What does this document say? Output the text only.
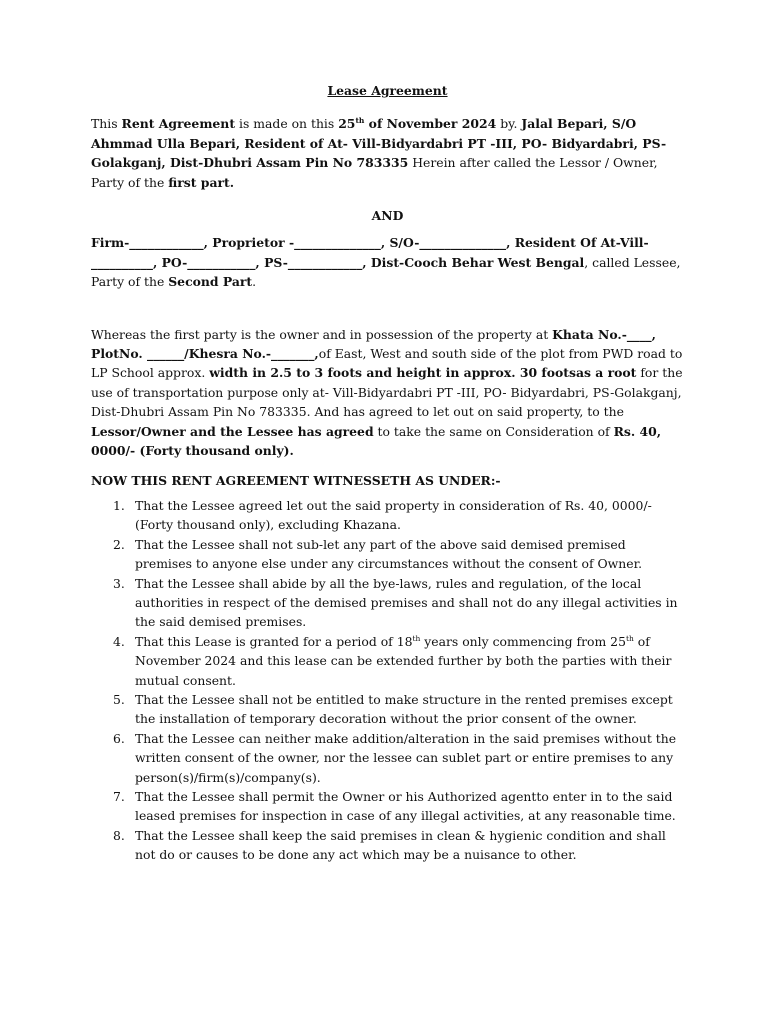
Lease Agreement

This Rent Agreement is made on this 25th of November 2024 by. Jalal Bepari, S/O Ahmmad Ulla Bepari, Resident of At- Vill-Bidyardabri PT -III, PO- Bidyardabri, PS-Golakganj, Dist-Dhubri Assam Pin No 783335 Herein after called the Lessor / Owner, Party of the first part.

AND

Firm-____________, Proprietor -______________, S/O-______________, Resident Of At-Vill-__________, PO-___________, PS-____________, Dist-Cooch Behar West Bengal, called Lessee, Party of the Second Part.

Whereas the first party is the owner and in possession of the property at Khata No.-____, PlotNo. ______/Khesra No.-_______,of East, West and south side of the plot from PWD road to LP School approx. width in 2.5 to 3 foots and height in approx. 30 footsas a root for the use of transportation purpose only at- Vill-Bidyardabri PT -III, PO- Bidyardabri, PS-Golakganj, Dist-Dhubri Assam Pin No 783335. And has agreed to let out on said property, to the Lessor/Owner and the Lessee has agreed to take the same on Consideration of Rs. 40, 0000/- (Forty thousand only).

NOW THIS RENT AGREEMENT WITNESSETH AS UNDER:-

1. That the Lessee agreed let out the said property in consideration of Rs. 40, 0000/- (Forty thousand only), excluding Khazana.
2. That the Lessee shall not sub-let any part of the above said demised premised premises to anyone else under any circumstances without the consent of Owner.
3. That the Lessee shall abide by all the bye-laws, rules and regulation, of the local authorities in respect of the demised premises and shall not do any illegal activities in the said demised premises.
4. That this Lease is granted for a period of 18th years only commencing from 25th of November 2024 and this lease can be extended further by both the parties with their mutual consent.
5. That the Lessee shall not be entitled to make structure in the rented premises except the installation of temporary decoration without the prior consent of the owner.
6. That the Lessee can neither make addition/alteration in the said premises without the written consent of the owner, nor the lessee can sublet part or entire premises to any person(s)/firm(s)/company(s).
7. That the Lessee shall permit the Owner or his Authorized agentto enter in to the said leased premises for inspection in case of any illegal activities, at any reasonable time.
8. That the Lessee shall keep the said premises in clean & hygienic condition and shall not do or causes to be done any act which may be a nuisance to other.
